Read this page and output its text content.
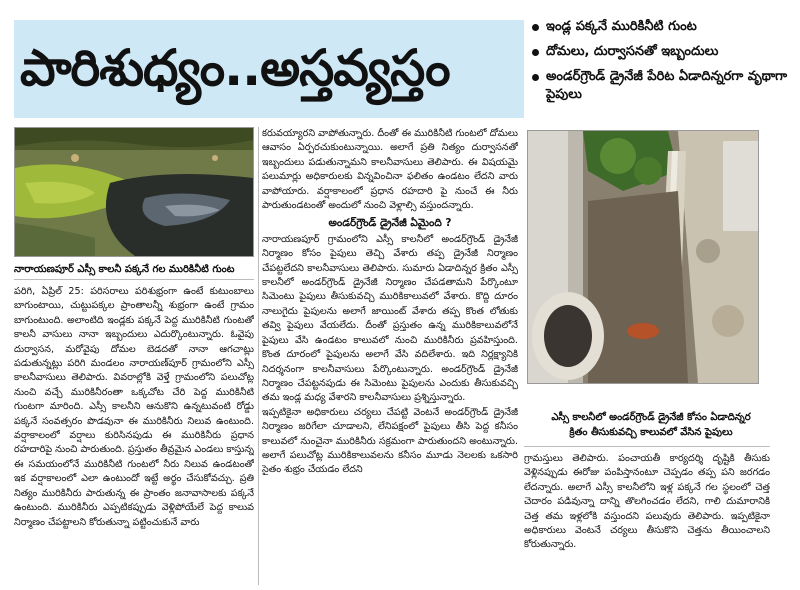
పారిశుధ్యం..అస్తవ్యస్తం
ఇండ్ల పక్కనే మురికినీటి గుంట
దోమలు, దుర్వాసనతో ఇబ్బందులు
అండర్‌గ్రౌండ్ డ్రైనేజీ పేరిట ఏడాదిన్నరగా వృథాగా పైపులు
నారాయణపూర్ ఎస్సీ కాలనీ పక్కనే గల మురికినీటి గుంట

పరిగి, ఏప్రిల్ 25: పరిసరాలు పరిశుభ్రంగా ఉంటే కుటుంబాలు బాగుంటాయి, చుట్టుపక్కల ప్రాంతాలన్నీ శుభ్రంగా ఉంటే గ్రామం బాగుంటుంది. అలాంటిది ఇండ్లకు పక్కనే పెద్ద మురికినీటి గుంటతో కాలనీ వాసులు నానా ఇబ్బందులు ఎదుర్కొంటున్నారు. ఓవైపు దుర్వాసన, మరోవైపు దోమల బెడదతో నానా ఆగచాట్లు పడుతున్నట్లు పరిగి మండలం నారాయణ్‌పూర్ గ్రామంలోని ఎస్సీ కాలనీవాసులు తెలిపారు. వివరాల్లోకి వెళ్తే గ్రామంలోని పలుచోట్ల నుంచి వచ్చే మురికినీరంతా ఒక్కచోట చేరి పెద్ద మురికినీటి గుంటగా మారింది. ఎస్సీ కాలనీని ఆనుకొని ఉన్నటువంటి రోడ్డు పక్కనే సంవత్సరం పొడవునా ఈ మురికినీరు నిలువ ఉంటుంది. వర్షాకాలంలో వర్షాలు కురిసినపుడు ఈ మురికినీరు ప్రధాన రహదారిపై నుంచి పారుతుంది. ప్రస్తుతం తీవ్రమైన ఎండలు కాస్తున్న ఈ సమయంలోనే మురికినీటి గుంటలో నీరు నిలువ ఉండటంతో ఇక వర్షాకాలంలో ఎలా ఉంటుందో ఇట్టే అర్థం చేసుకోవచ్చు. ప్రతి నిత్యం మురికినీరు పారుతున్న ఈ ప్రాంతం జనావాసాలకు పక్కనే ఉంటుంది. మురికినీరు ఎప్పటికప్పుడు వెళ్లిపోయేలే పెద్ద కాలువ నిర్మాణం చేపట్టాలని కోరుతున్నా పట్టించుకునే వారు

కరువయ్యారని వాపోతున్నారు. దీంతో ఈ మురికినీటి గుంటలో దోమలు ఆవాసం ఏర్పరచుకుంటున్నాయి. అలాగే ప్రతి నిత్యం దుర్వాసనతో ఇబ్బందులు పడుతున్నామని కాలనీవాసులు తెలిపారు. ఈ విషయమై పలుమార్లు అధికారులకు విన్నవించినా ఫలితం ఉండటం లేదని వారు వాపోయారు. వర్షాకాలంలో ప్రధాన రహదారి పై నుంచే ఈ నీరు పారుతుండటంతో అందులో నుంచి వెళ్లాల్సి వస్తుందన్నారు.

అండర్‌గ్రౌండ్ డ్రైనేజీ ఏమైంది ?

నారాయణపూర్ గ్రామంలోని ఎస్సీ కాలనీలో అండర్‌గ్రౌండ్ డ్రైనేజీ నిర్మాణం కోసం పైపులు తెచ్చి వేశారు తప్ప డ్రైనేజీ నిర్మాణం చేపట్టలేదని కాలనీవాసులు తెలిపారు. సుమారు ఏడాదిన్నర క్రితం ఎస్సీ కాలనీలో అండర్‌గ్రౌండ్ డ్రైనేజీ నిర్మాణం చేపడతామని పేర్కొంటూ సిమెంటు పైపులు తీసుకువచ్చి మురికికాలువలో వేశారు. కొద్ది దూరం నాలుగైదు పైపులను అలాగే జాయింట్ వేశారు తప్ప కొంత లోతుకు తవ్వి పైపులు వేయలేదు. దీంతో ప్రస్తుతం ఉన్న మురికికాలువలోనే పైపులు వేసి ఉండటం కాలువలో నుంచి మురికినీరు ప్రవహిస్తుంది. కొంత దూరంలో పైపులను అలాగే వేసి వదిలేశారు. ఇది నిర్లక్ష్యానికి నిదర్శనంగా కాలనీవాసులు పేర్కొంటున్నారు. అండర్‌గ్రౌండ్ డ్రైనేజీ నిర్మాణం చేపట్టనపుడు ఈ సిమెంటు పైపులను ఎందుకు తీసుకువచ్చి తమ ఇండ్ల మధ్య వేశారని కాలనీవాసులు ప్రశ్నిస్తున్నారు.

ఇప్పటికైనా అధికారులు చర్యలు చేపట్టి వెంటనే అండర్‌గ్రౌండ్ డ్రైనేజీ నిర్మాణం జరిగేలా చూడాలని, లేనిపక్షంలో పైపులు తీసి పెద్ద కనీసం కాలువలో నుంచైనా మురికినీరు సక్రమంగా పారుతుందని అంటున్నారు. అలాగే పలుచోట్ల మురికికాలువలను కనీసం మూడు నెలలకు ఒకసారి సైతం శుభ్రం చేయడం లేదని

ఎస్సీ కాలనీలో అండర్‌గ్రౌండ్ డ్రైనేజీ కోసం ఏడాదిన్నర క్రితం తీసుకువచ్చి కాలువలో వేసిన పైపులు

గ్రామస్తులు తెలిపారు. పంచాయతీ కార్యదర్శి దృష్టికి తీసుకు వెళ్లినప్పుడు ఈరోజు పంపిస్తానంటూ చెప్పడం తప్ప పని జరగడం లేదన్నారు. అలాగే ఎస్సీ కాలనీలోని ఇళ్ల పక్కనే గల స్థలంలో చెత్త చెదారం పడివున్నా దాన్ని తొలగించడం లేదని, గాలి దుమారానికి చెత్త తమ ఇళ్లలోకి వస్తుందని పలువురు తెలిపారు. ఇప్పటికైనా అధికారులు వెంటనే చర్యలు తీసుకొని చెత్తను తీయించాలని కోరుతున్నారు.
